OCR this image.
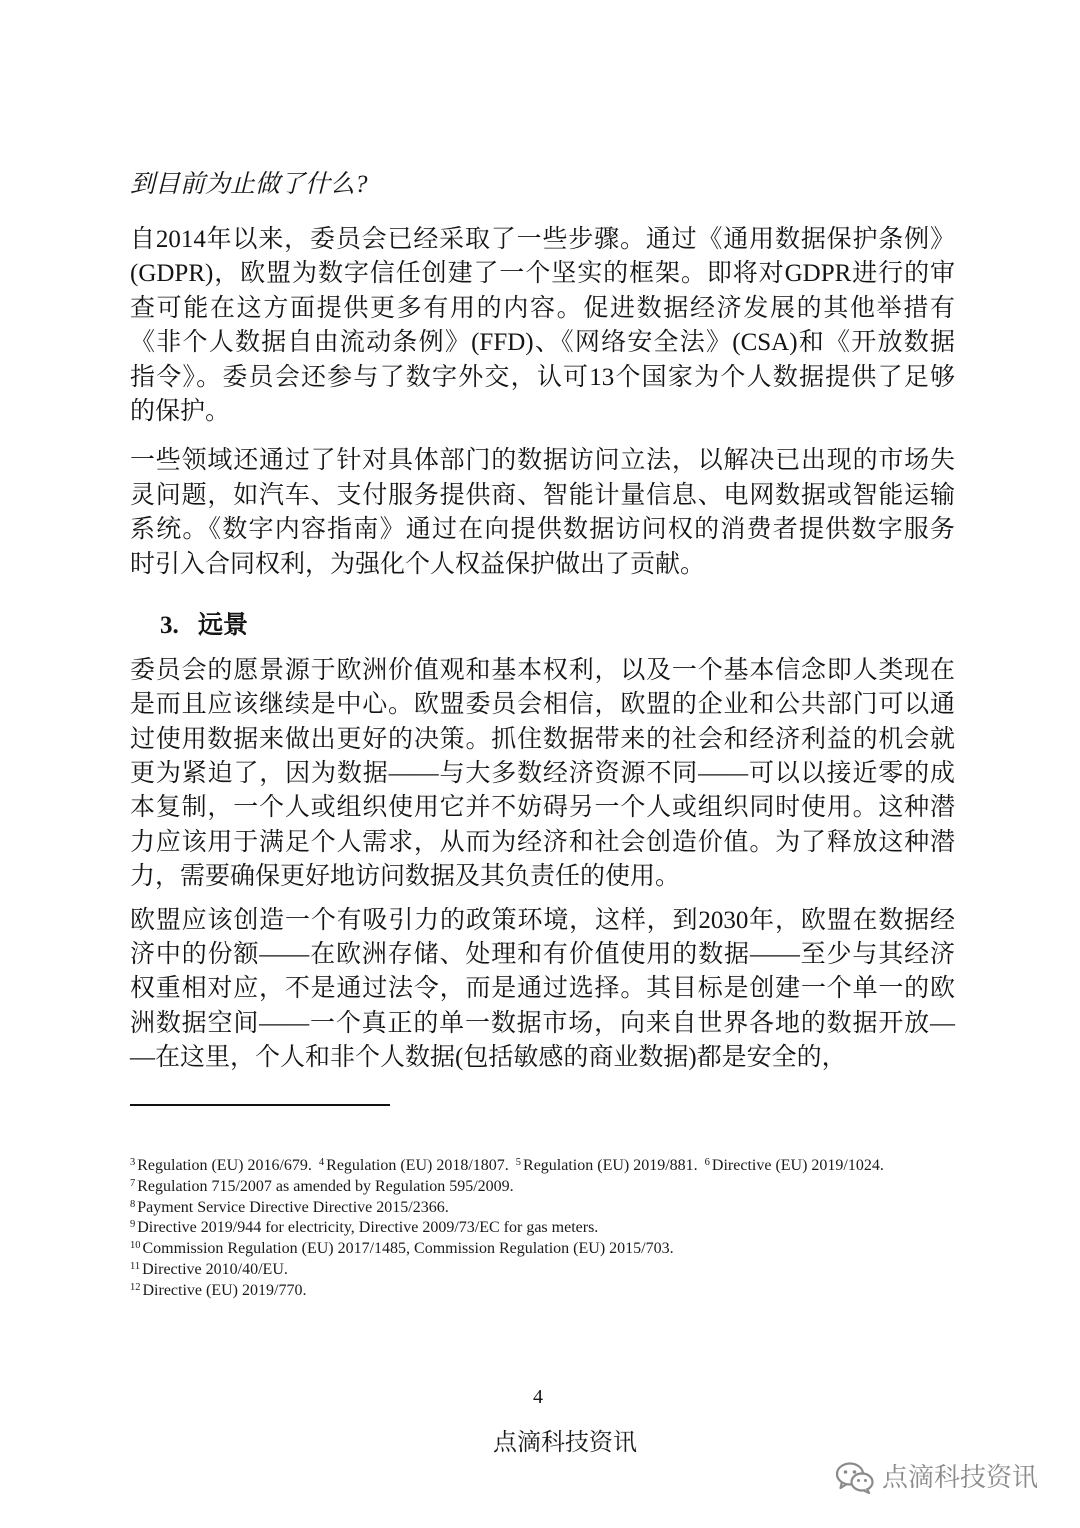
到目前为止做了什么?
自2014年以来，委员会已经采取了一些步骤。通过《通用数据保护条例》
(GDPR)，欧盟为数字信任创建了一个坚实的框架。即将对GDPR进行的审
查可能在这方面提供更多有用的内容。促进数据经济发展的其他举措有
《非个人数据自由流动条例》(FFD)、《网络安全法》(CSA)和《开放数据
指令》。委员会还参与了数字外交，认可13个国家为个人数据提供了足够
的保护。
一些领域还通过了针对具体部门的数据访问立法，以解决已出现的市场失
灵问题，如汽车、支付服务提供商、智能计量信息、电网数据或智能运输
系统。《数字内容指南》通过在向提供数据访问权的消费者提供数字服务
时引入合同权利，为强化个人权益保护做出了贡献。
3. 远景
委员会的愿景源于欧洲价值观和基本权利，以及一个基本信念即人类现在
是而且应该继续是中心。欧盟委员会相信，欧盟的企业和公共部门可以通
过使用数据来做出更好的决策。抓住数据带来的社会和经济利益的机会就
更为紧迫了，因为数据——与大多数经济资源不同——可以以接近零的成
本复制，一个人或组织使用它并不妨碍另一个人或组织同时使用。这种潜
力应该用于满足个人需求，从而为经济和社会创造价值。为了释放这种潜
力，需要确保更好地访问数据及其负责任的使用。
欧盟应该创造一个有吸引力的政策环境，这样，到2030年，欧盟在数据经
济中的份额——在欧洲存储、处理和有价值使用的数据——至少与其经济
权重相对应，不是通过法令，而是通过选择。其目标是创建一个单一的欧
洲数据空间——一个真正的单一数据市场，向来自世界各地的数据开放—
—在这里，个人和非个人数据(包括敏感的商业数据)都是安全的，
$^3$ Regulation (EU) 2016/679. $^4$ Regulation (EU) 2018/1807. $^5$ Regulation (EU) 2019/881. $^6$ Directive (EU) 2019/1024.
$^7$ Regulation 715/2007 as amended by Regulation 595/2009.
$^8$ Payment Service Directive Directive 2015/2366.
$^9$ Directive 2019/944 for electricity, Directive 2009/73/EC for gas meters.
$^{10}$ Commission Regulation (EU) 2017/1485, Commission Regulation (EU) 2015/703.
$^{11}$ Directive 2010/40/EU.
$^{12}$ Directive (EU) 2019/770.
4
点滴科技资讯
点滴科技资讯
